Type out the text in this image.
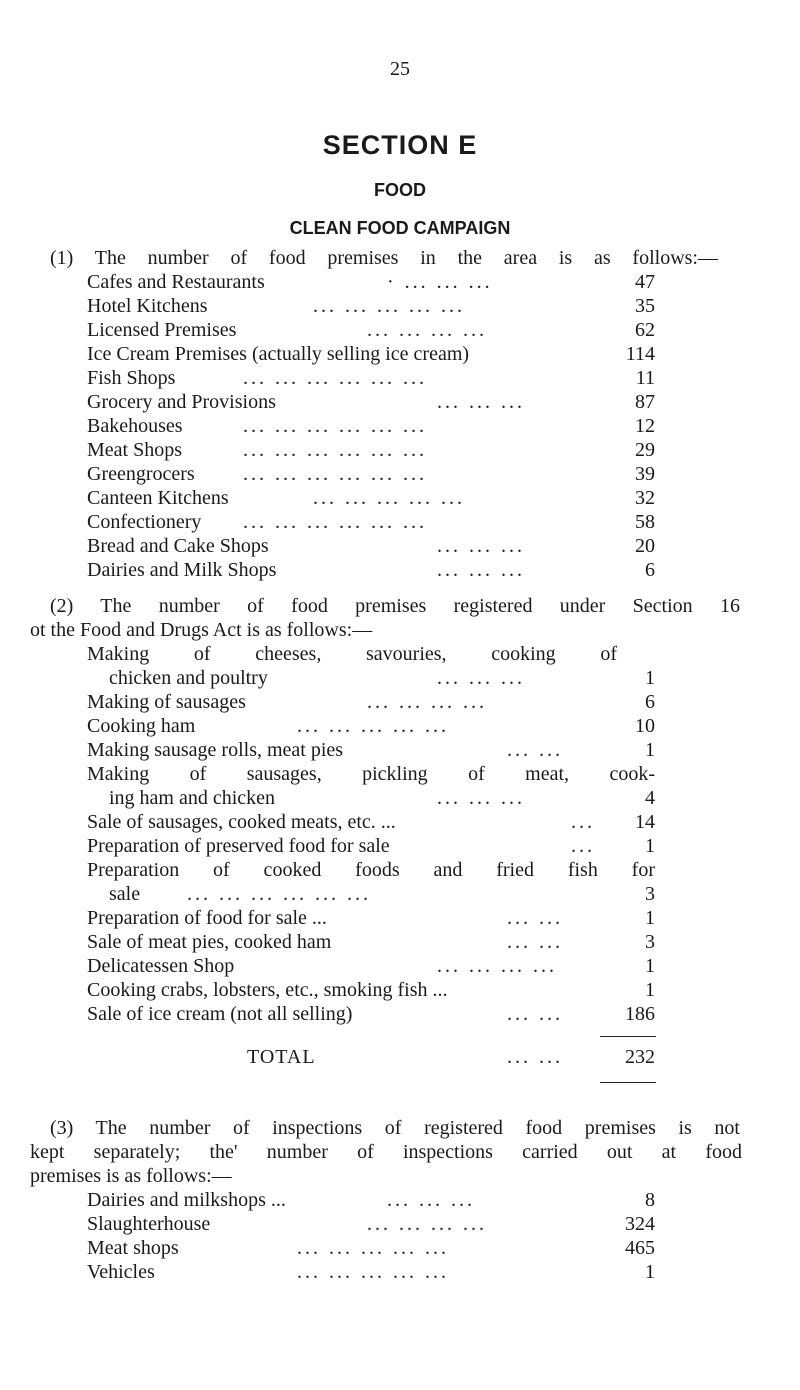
25
SECTION E
FOOD
CLEAN FOOD CAMPAIGN
(1) The number of food premises in the area is as follows:—
Cafes and Restaurants	· ... ... ...	47
Hotel Kitchens	... ... ... ... ...	35
Licensed Premises	... ... ... ...	62
Ice Cream Premises (actually selling ice cream)	114
Fish Shops	... ... ... ... ... ...	11
Grocery and Provisions	... ... ...	87
Bakehouses	... ... ... ... ... ...	12
Meat Shops	... ... ... ... ... ...	29
Greengrocers ... ... ... ... ... ...	39
Canteen Kitchens	... ... ... ... ...	32
Confectionery ... ... ... ... ... ...	58
Bread and Cake Shops	... ... ...	20
Dairies and Milk Shops	... ... ...	6
(2) The number of food premises registered under Section 16
ot the Food and Drugs Act is as follows:—
Making of cheeses, savouries, cooking of
chicken and poultry	... ... ...	1
Making of sausages	... ... ... ...	6
Cooking ham	... ... ... ... ...	10
Making sausage rolls, meat pies	... ...	1
Making of sausages, pickling of meat, cook-
ing ham and chicken	... ... ...	4
Sale of sausages, cooked meats, etc. ...	... 14
Preparation of preserved food for sale	...	1
Preparation of cooked foods and fried fish for
sale ... ... ... ... ... ...	3
Preparation of food for sale ...	... ...	1
Sale of meat pies, cooked ham	... ...	3
Delicatessen Shop	... ... ... ...	1
Cooking crabs, lobsters, etc., smoking fish ...	1
Sale of ice cream (not all selling)	... ...	186
TOTAL	... ...	232
(3) The number of inspections of registered food premises is not
kept separately; the' number of inspections carried out at food
premises is as follows:—
Dairies and milkshops ...	... ... ...	8
Slaughterhouse	... ... ... ...	324
Meat shops	... ... ... ... ...	465
Vehicles	... ... ... ... ...	1
